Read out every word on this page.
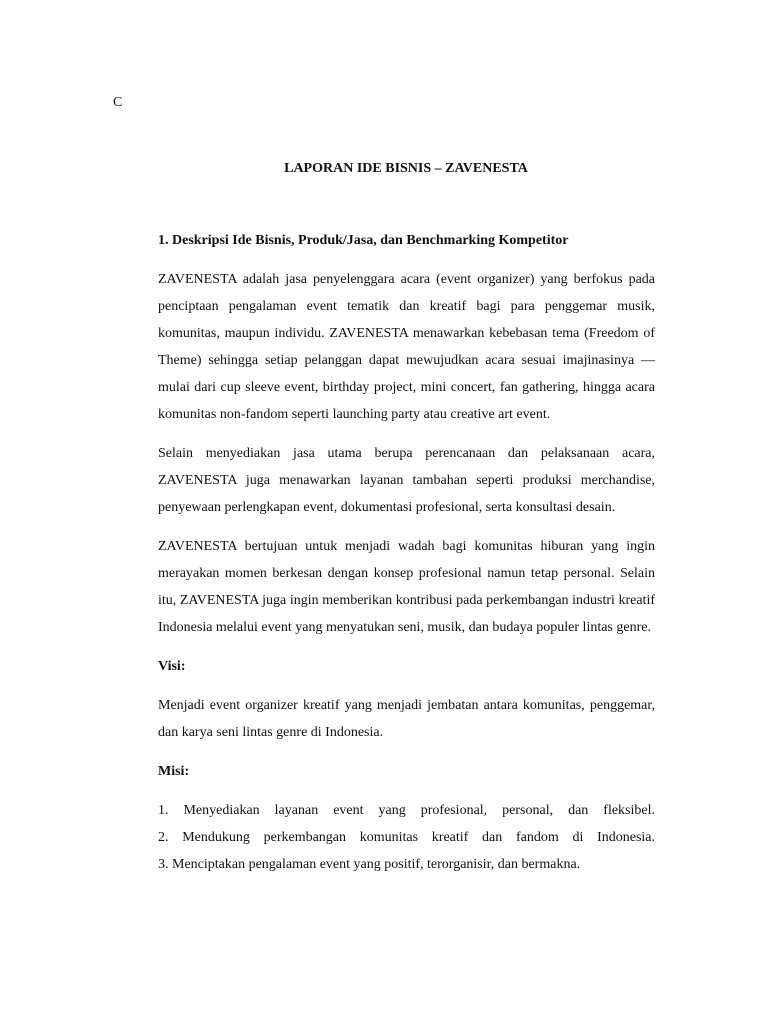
C
LAPORAN IDE BISNIS – ZAVENESTA
1. Deskripsi Ide Bisnis, Produk/Jasa, dan Benchmarking Kompetitor

ZAVENESTA adalah jasa penyelenggara acara (event organizer) yang berfokus pada penciptaan pengalaman event tematik dan kreatif bagi para penggemar musik, komunitas, maupun individu. ZAVENESTA menawarkan kebebasan tema (Freedom of Theme) sehingga setiap pelanggan dapat mewujudkan acara sesuai imajinasinya — mulai dari cup sleeve event, birthday project, mini concert, fan gathering, hingga acara komunitas non-fandom seperti launching party atau creative art event.

Selain menyediakan jasa utama berupa perencanaan dan pelaksanaan acara, ZAVENESTA juga menawarkan layanan tambahan seperti produksi merchandise, penyewaan perlengkapan event, dokumentasi profesional, serta konsultasi desain.

ZAVENESTA bertujuan untuk menjadi wadah bagi komunitas hiburan yang ingin merayakan momen berkesan dengan konsep profesional namun tetap personal. Selain itu, ZAVENESTA juga ingin memberikan kontribusi pada perkembangan industri kreatif Indonesia melalui event yang menyatukan seni, musik, dan budaya populer lintas genre.

Visi:

Menjadi event organizer kreatif yang menjadi jembatan antara komunitas, penggemar, dan karya seni lintas genre di Indonesia.

Misi:
1. Menyediakan layanan event yang profesional, personal, dan fleksibel.
2. Mendukung perkembangan komunitas kreatif dan fandom di Indonesia.
3. Menciptakan pengalaman event yang positif, terorganisir, dan bermakna.
